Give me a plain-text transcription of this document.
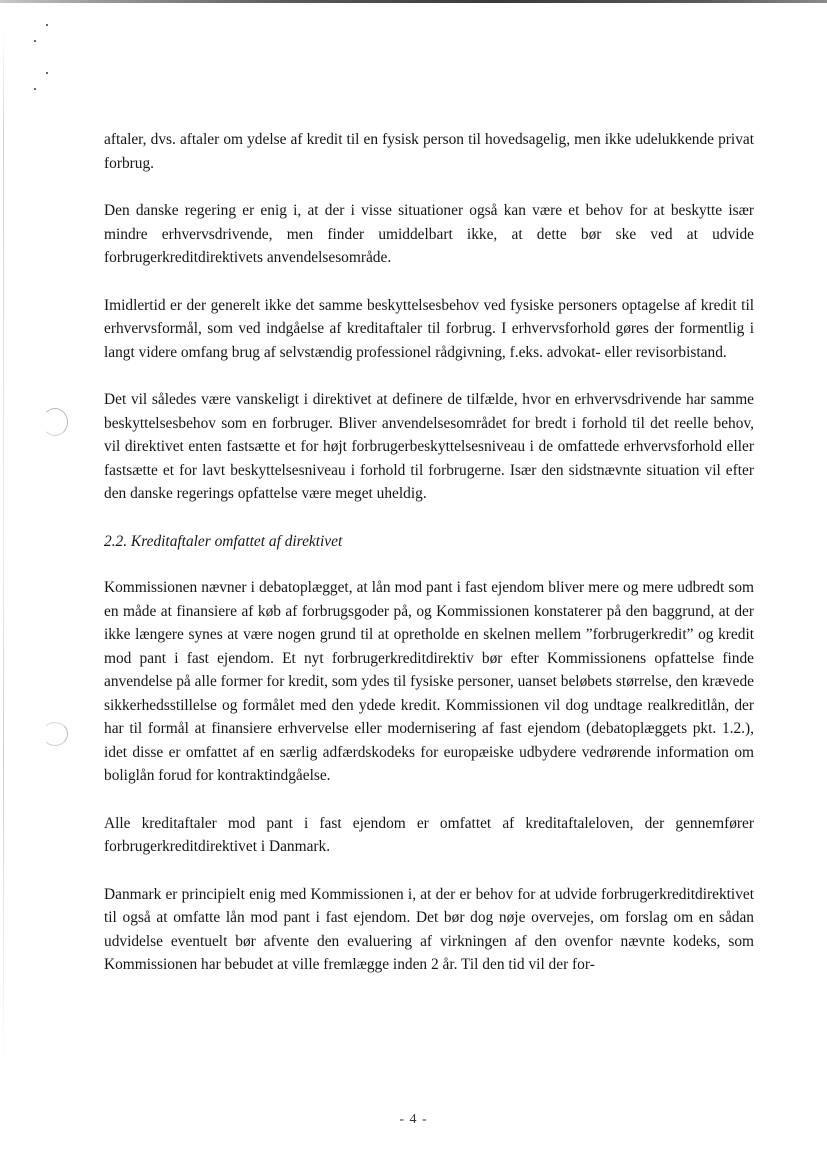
aftaler, dvs. aftaler om ydelse af kredit til en fysisk person til hovedsagelig, men ikke udelukkende privat forbrug.

Den danske regering er enig i, at der i visse situationer også kan være et behov for at beskytte især mindre erhvervsdrivende, men finder umiddelbart ikke, at dette bør ske ved at udvide forbrugerkreditdirektivets anvendelsesområde.

Imidlertid er der generelt ikke det samme beskyttelsesbehov ved fysiske personers optagelse af kredit til erhvervsformål, som ved indgåelse af kreditaftaler til forbrug. I erhvervsforhold gøres der formentlig i langt videre omfang brug af selvstændig professionel rådgivning, f.eks. advokat- eller revisorbistand.

Det vil således være vanskeligt i direktivet at definere de tilfælde, hvor en erhvervsdrivende har samme beskyttelsesbehov som en forbruger. Bliver anvendelsesområdet for bredt i forhold til det reelle behov, vil direktivet enten fastsætte et for højt forbrugerbeskyttelsesniveau i de omfattede erhvervsforhold eller fastsætte et for lavt beskyttelsesniveau i forhold til forbrugerne. Især den sidstnævnte situation vil efter den danske regerings opfattelse være meget uheldig.

2.2. Kreditaftaler omfattet af direktivet

Kommissionen nævner i debatoplægget, at lån mod pant i fast ejendom bliver mere og mere udbredt som en måde at finansiere af køb af forbrugsgoder på, og Kommissionen konstaterer på den baggrund, at der ikke længere synes at være nogen grund til at opretholde en skelnen mellem ”forbrugerkredit” og kredit mod pant i fast ejendom. Et nyt forbrugerkreditdirektiv bør efter Kommissionens opfattelse finde anvendelse på alle former for kredit, som ydes til fysiske personer, uanset beløbets størrelse, den krævede sikkerhedsstillelse og formålet med den ydede kredit. Kommissionen vil dog undtage realkreditlån, der har til formål at finansiere erhvervelse eller modernisering af fast ejendom (debatoplæggets pkt. 1.2.), idet disse er omfattet af en særlig adfærdskodeks for europæiske udbydere vedrørende information om boliglån forud for kontraktindgåelse.

Alle kreditaftaler mod pant i fast ejendom er omfattet af kreditaftaleloven, der gennemfører forbrugerkreditdirektivet i Danmark.

Danmark er principielt enig med Kommissionen i, at der er behov for at udvide forbrugerkreditdirektivet til også at omfatte lån mod pant i fast ejendom. Det bør dog nøje overvejes, om forslag om en sådan udvidelse eventuelt bør afvente den evaluering af virkningen af den ovenfor nævnte kodeks, som Kommissionen har bebudet at ville fremlægge inden 2 år. Til den tid vil der for-

- 4 -
